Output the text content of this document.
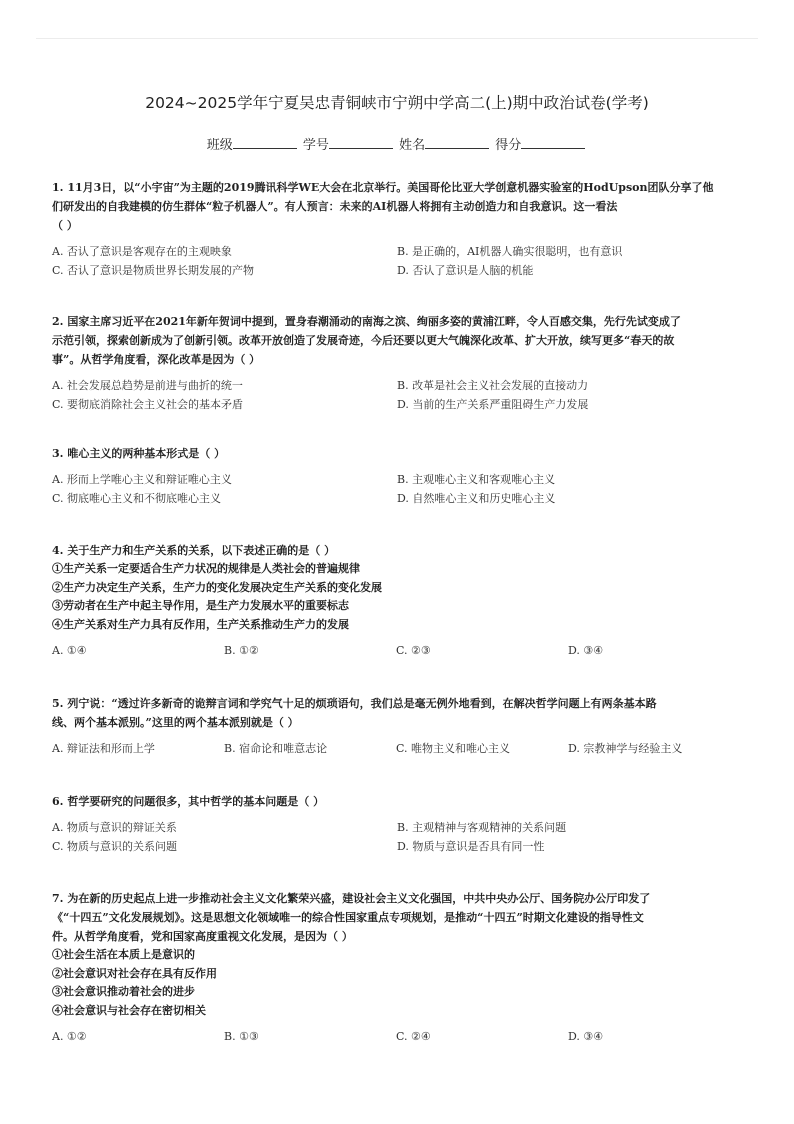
2024~2025学年宁夏吴忠青铜峡市宁朔中学高二(上)期中政治试卷(学考)
班级	学号	姓名	得分
1. 11月3日，以“小宇宙”为主题的2019腾讯科学WE大会在北京举行。美国哥伦比亚大学创意机器实验室的HodUpson团队分享了他
们研发出的自我建模的仿生群体“粒子机器人”。有人预言：未来的AI机器人将拥有主动创造力和自我意识。这一看法
（ ）
A. 否认了意识是客观存在的主观映象	B. 是正确的，AI机器人确实很聪明，也有意识
C. 否认了意识是物质世界长期发展的产物	D. 否认了意识是人脑的机能
2. 国家主席习近平在2021年新年贺词中提到，置身春潮涌动的南海之滨、绚丽多姿的黄浦江畔，令人百感交集，先行先试变成了
示范引领，探索创新成为了创新引领。改革开放创造了发展奇迹，今后还要以更大气魄深化改革、扩大开放，续写更多“春天的故
事”。从哲学角度看，深化改革是因为（ ）
A. 社会发展总趋势是前进与曲折的统一	B. 改革是社会主义社会发展的直接动力
C. 要彻底消除社会主义社会的基本矛盾	D. 当前的生产关系严重阻碍生产力发展
3. 唯心主义的两种基本形式是（ ）
A. 形而上学唯心主义和辩证唯心主义	B. 主观唯心主义和客观唯心主义
C. 彻底唯心主义和不彻底唯心主义	D. 自然唯心主义和历史唯心主义
4. 关于生产力和生产关系的关系，以下表述正确的是（ ）
①生产关系一定要适合生产力状况的规律是人类社会的普遍规律
②生产力决定生产关系，生产力的变化发展决定生产关系的变化发展
③劳动者在生产中起主导作用，是生产力发展水平的重要标志
④生产关系对生产力具有反作用，生产关系推动生产力的发展
A. ①④	B. ①②	C. ②③	D. ③④
5. 列宁说：“透过许多新奇的诡辩言词和学究气十足的烦琐语句，我们总是毫无例外地看到，在解决哲学问题上有两条基本路
线、两个基本派别。”这里的两个基本派别就是（ ）
A. 辩证法和形而上学	B. 宿命论和唯意志论	C. 唯物主义和唯心主义	D. 宗教神学与经验主义
6. 哲学要研究的问题很多，其中哲学的基本问题是（ ）
A. 物质与意识的辩证关系	B. 主观精神与客观精神的关系问题
C. 物质与意识的关系问题	D. 物质与意识是否具有同一性
7. 为在新的历史起点上进一步推动社会主义文化繁荣兴盛，建设社会主义文化强国，中共中央办公厅、国务院办公厅印发了
《“十四五”文化发展规划》。这是思想文化领域唯一的综合性国家重点专项规划，是推动“十四五”时期文化建设的指导性文
件。从哲学角度看，党和国家高度重视文化发展，是因为（ ）
①社会生活在本质上是意识的
②社会意识对社会存在具有反作用
③社会意识推动着社会的进步
④社会意识与社会存在密切相关
A. ①②	B. ①③	C. ②④	D. ③④
